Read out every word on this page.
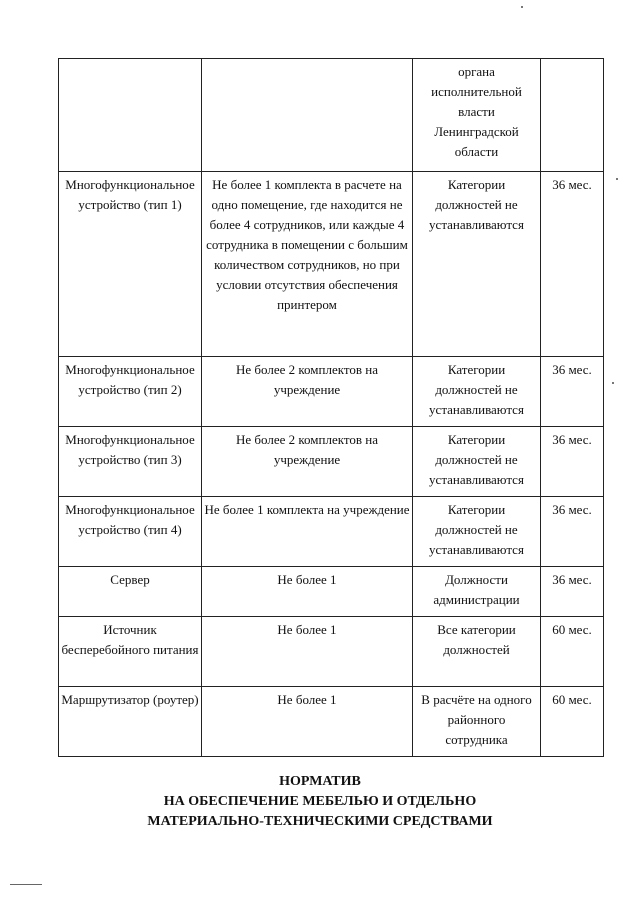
		органа исполнительной власти Ленинградской области	
Многофункциональное устройство (тип 1)	Не более 1 комплекта в расчете на одно помещение, где находится не более 4 сотрудников, или каждые 4 сотрудника в помещении с большим количеством сотрудников, но при условии отсутствия обеспечения принтером	Категории должностей не устанавливаются	36 мес.
Многофункциональное устройство (тип 2)	Не более 2 комплектов на учреждение	Категории должностей не устанавливаются	36 мес.
Многофункциональное устройство (тип 3)	Не более 2 комплектов на учреждение	Категории должностей не устанавливаются	36 мес.
Многофункциональное устройство (тип 4)	Не более 1 комплекта на учреждение	Категории должностей не устанавливаются	36 мес.
Сервер	Не более 1	Должности администрации	36 мес.
Источник бесперебойного питания	Не более 1	Все категории должностей	60 мес.
Маршрутизатор (роутер)	Не более 1	В расчёте на одного районного сотрудника	60 мес.
НОРМАТИВ
НА ОБЕСПЕЧЕНИЕ МЕБЕЛЬЮ И ОТДЕЛЬНО
МАТЕРИАЛЬНО-ТЕХНИЧЕСКИМИ СРЕДСТВАМИ
